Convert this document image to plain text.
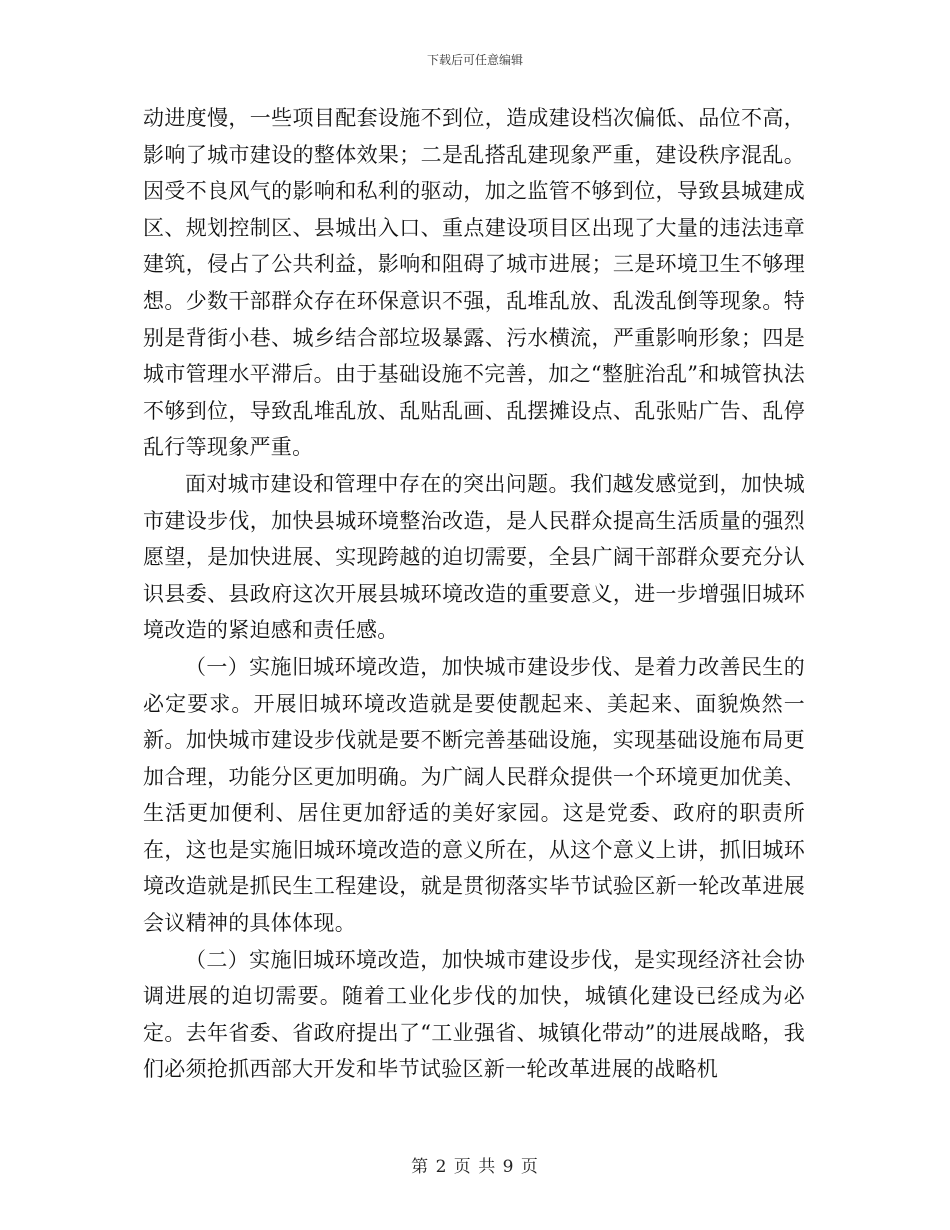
下载后可任意编辑

动进度慢，一些项目配套设施不到位，造成建设档次偏低、品位不高，影响了城市建设的整体效果；二是乱搭乱建现象严重，建设秩序混乱。因受不良风气的影响和私利的驱动，加之监管不够到位，导致县城建成区、规划控制区、县城出入口、重点建设项目区出现了大量的违法违章建筑，侵占了公共利益，影响和阻碍了城市进展；三是环境卫生不够理想。少数干部群众存在环保意识不强，乱堆乱放、乱泼乱倒等现象。特别是背街小巷、城乡结合部垃圾暴露、污水横流，严重影响形象；四是城市管理水平滞后。由于基础设施不完善，加之“整脏治乱”和城管执法不够到位，导致乱堆乱放、乱贴乱画、乱摆摊设点、乱张贴广告、乱停乱行等现象严重。

面对城市建设和管理中存在的突出问题。我们越发感觉到，加快城市建设步伐，加快县城环境整治改造，是人民群众提高生活质量的强烈愿望，是加快进展、实现跨越的迫切需要，全县广阔干部群众要充分认识县委、县政府这次开展县城环境改造的重要意义，进一步增强旧城环境改造的紧迫感和责任感。

（一）实施旧城环境改造，加快城市建设步伐、是着力改善民生的必定要求。开展旧城环境改造就是要使靓起来、美起来、面貌焕然一新。加快城市建设步伐就是要不断完善基础设施，实现基础设施布局更加合理，功能分区更加明确。为广阔人民群众提供一个环境更加优美、生活更加便利、居住更加舒适的美好家园。这是党委、政府的职责所在，这也是实施旧城环境改造的意义所在，从这个意义上讲，抓旧城环境改造就是抓民生工程建设，就是贯彻落实毕节试验区新一轮改革进展会议精神的具体体现。

（二）实施旧城环境改造，加快城市建设步伐，是实现经济社会协调进展的迫切需要。随着工业化步伐的加快，城镇化建设已经成为必定。去年省委、省政府提出了“工业强省、城镇化带动”的进展战略，我们必须抢抓西部大开发和毕节试验区新一轮改革进展的战略机

第 2 页 共 9 页
